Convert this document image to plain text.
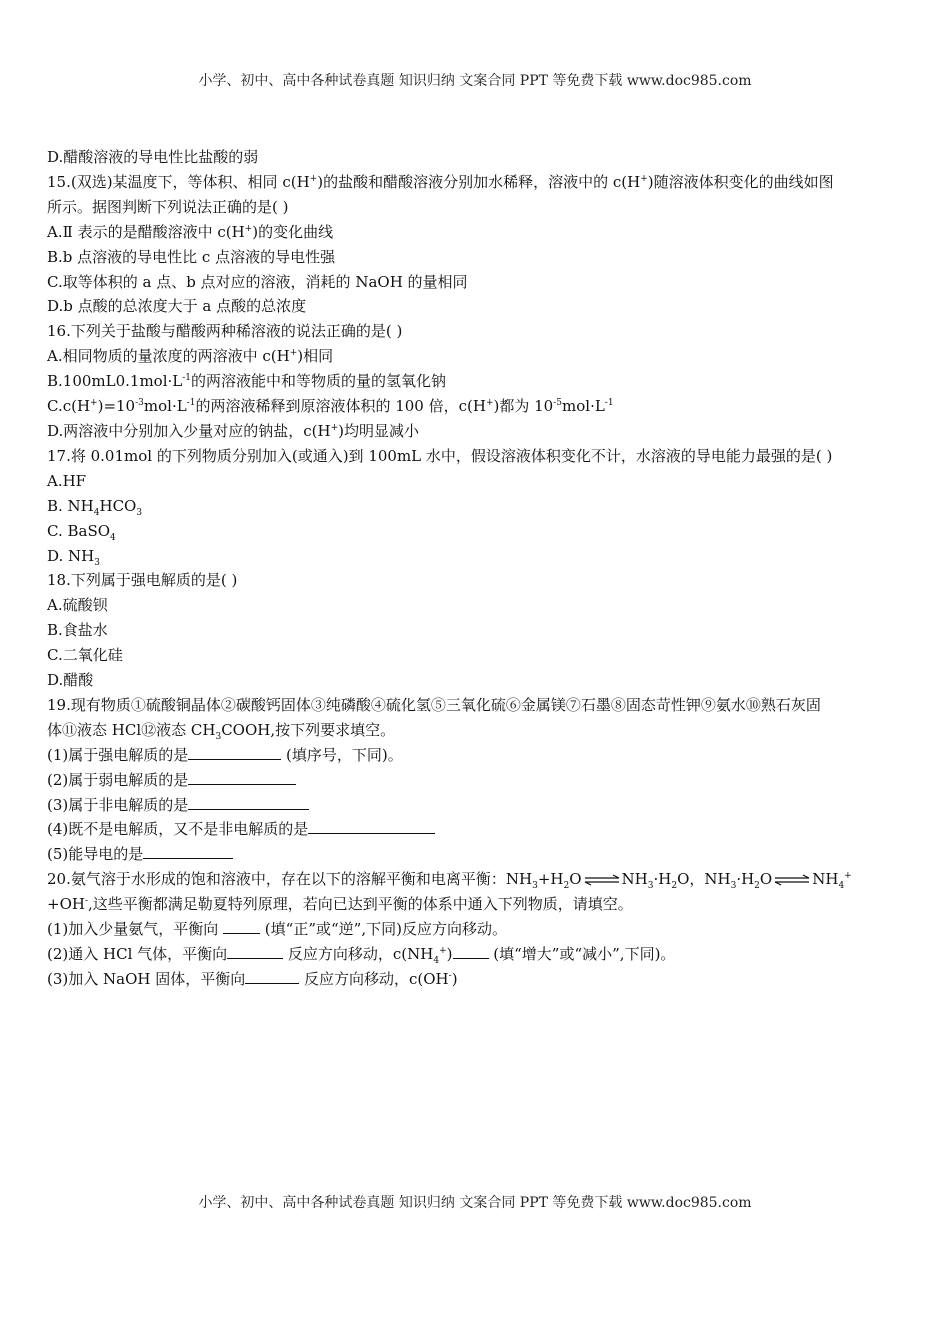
小学、初中、高中各种试卷真题 知识归纳 文案合同 PPT 等免费下载 www.doc985.com
D.醋酸溶液的导电性比盐酸的弱
15.(双选)某温度下，等体积、相同 c(H+)的盐酸和醋酸溶液分别加水稀释，溶液中的 c(H+)随溶液体积变化的曲线如图
所示。据图判断下列说法正确的是( )
A.Ⅱ 表示的是醋酸溶液中 c(H+)的变化曲线
B.b 点溶液的导电性比 c 点溶液的导电性强
C.取等体积的 a 点、b 点对应的溶液，消耗的 NaOH 的量相同
D.b 点酸的总浓度大于 a 点酸的总浓度
16.下列关于盐酸与醋酸两种稀溶液的说法正确的是( )
A.相同物质的量浓度的两溶液中 c(H+)相同
$B.100mL0.1mol\cdot L^{-1}$的两溶液能中和等物质的量的氢氧化钠
$C.c(H^+)=10^{-3}mol\cdot L^{-1}$的两溶液稀释到原溶液体积的 100 倍，c(H+)都为 $10^{-5}mol\cdot L^{-1}$
D.两溶液中分别加入少量对应的钠盐，c(H+)均明显减小
17.将 0.01mol 的下列物质分别加入(或通入)到 100mL 水中，假设溶液体积变化不计，水溶液的导电能力最强的是( )
A.HF
B. $NH_4HCO_3$
C. BaSO$_4$
D. $NH_3$
18.下列属于强电解质的是( )
A.硫酸钡
B.食盐水
C.二氧化硅
D.醋酸
19.现有物质①硫酸铜晶体②碳酸钙固体③纯磷酸④硫化氢⑤三氧化硫⑥金属镁⑦石墨⑧固态苛性钾⑨氨水⑩熟石灰固
体⑪液态 HCl⑫液态 $CH_3COOH$,按下列要求填空。
(1)属于强电解质的是	(填序号，下同)。
(2)属于弱电解质的是
(3)属于非电解质的是
(4)既不是电解质，又不是非电解质的是
(5)能导电的是
20.氨气溶于水形成的饱和溶液中，存在以下的溶解平衡和电离平衡：$NH_3+H_2O$ ⇌ $NH_3\cdot H_2O$，$NH_3\cdot H_2O$ ⇌ $NH_4^+$
+OH-,这些平衡都满足勒夏特列原理，若向已达到平衡的体系中通入下列物质，请填空。
(1)加入少量氨气，平衡向	(填“正”或“逆”,下同)反应方向移动。
(2)通入 HCl 气体，平衡向	反应方向移动，$c(NH_4^+)$ (填“增大”或“减小”,下同)。
(3)加入 NaOH 固体，平衡向	反应方向移动，c(OH-)
小学、初中、高中各种试卷真题 知识归纳 文案合同 PPT 等免费下载 www.doc985.com
